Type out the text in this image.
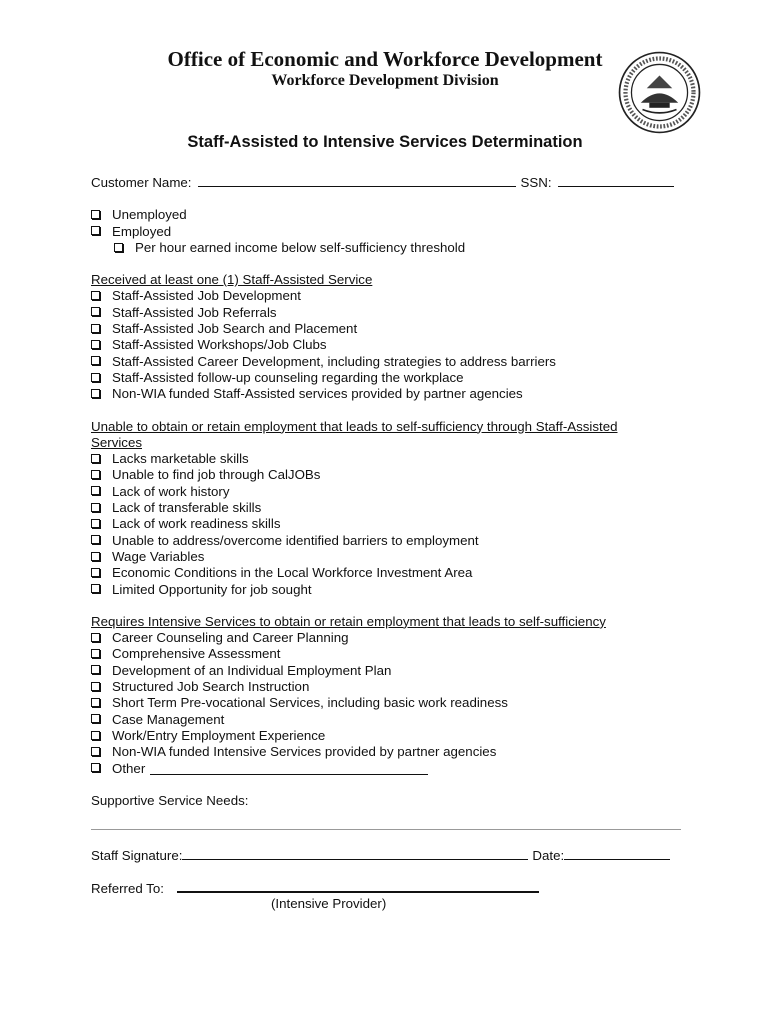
Office of Economic and Workforce Development
Workforce Development Division
Staff-Assisted to Intensive Services Determination
Customer Name:	SSN:
Unemployed
Employed
Per hour earned income below self-sufficiency threshold
Received at least one (1) Staff-Assisted Service
Staff-Assisted Job Development
Staff-Assisted Job Referrals
Staff-Assisted Job Search and Placement
Staff-Assisted Workshops/Job Clubs
Staff-Assisted Career Development, including strategies to address barriers
Staff-Assisted follow-up counseling regarding the workplace
Non-WIA funded Staff-Assisted services provided by partner agencies
Unable to obtain or retain employment that leads to self-sufficiency through Staff-Assisted Services
Lacks marketable skills
Unable to find job through CalJOBs
Lack of work history
Lack of transferable skills
Lack of work readiness skills
Unable to address/overcome identified barriers to employment
Wage Variables
Economic Conditions in the Local Workforce Investment Area
Limited Opportunity for job sought
Requires Intensive Services to obtain or retain employment that leads to self-sufficiency
Career Counseling and Career Planning
Comprehensive Assessment
Development of an Individual Employment Plan
Structured Job Search Instruction
Short Term Pre-vocational Services, including basic work readiness
Case Management
Work/Entry Employment Experience
Non-WIA funded Intensive Services provided by partner agencies
Other
Supportive Service Needs:
Staff Signature:	Date:
Referred To:
(Intensive Provider)
